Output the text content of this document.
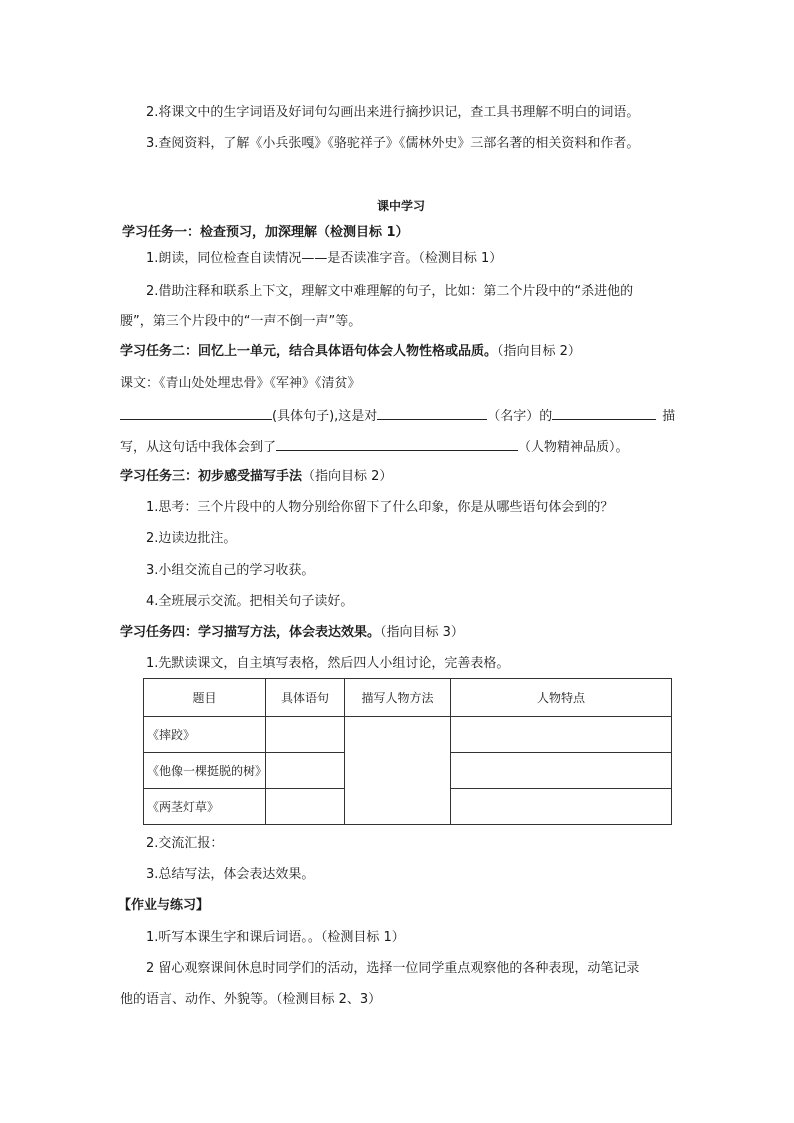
2.将课文中的生字词语及好词句勾画出来进行摘抄识记，查工具书理解不明白的词语。
3.查阅资料，了解《小兵张嘎》《骆驼祥子》《儒林外史》三部名著的相关资料和作者。
课中学习
学习任务一：检查预习，加深理解（检测目标 1）
1.朗读，同位检查自读情况——是否读准字音。（检测目标 1）
2.借助注释和联系上下文，理解文中难理解的句子，比如：第二个片段中的“杀进他的
腰”，第三个片段中的“一声不倒一声”等。
学习任务二：回忆上一单元，结合具体语句体会人物性格或品质。（指向目标 2）
课文：《青山处处埋忠骨》《军神》《清贫》
(具体句子),这是对	（名字）的	描
写，从这句话中我体会到了	（人物精神品质）。
学习任务三：初步感受描写手法（指向目标 2）
1.思考：三个片段中的人物分别给你留下了什么印象，你是从哪些语句体会到的？
2.边读边批注。
3.小组交流自己的学习收获。
4.全班展示交流。把相关句子读好。
学习任务四：学习描写方法，体会表达效果。（指向目标 3）
1.先默读课文，自主填写表格，然后四人小组讨论，完善表格。
题目	具体语句	描写人物方法	人物特点
《摔跤》			
《他像一棵挺脱的树》			
《两茎灯草》			
2.交流汇报：
3.总结写法，体会表达效果。
【作业与练习】
1.听写本课生字和课后词语。。（检测目标 1）
2 留心观察课间休息时同学们的活动，选择一位同学重点观察他的各种表现，动笔记录
他的语言、动作、外貌等。（检测目标 2、3）
